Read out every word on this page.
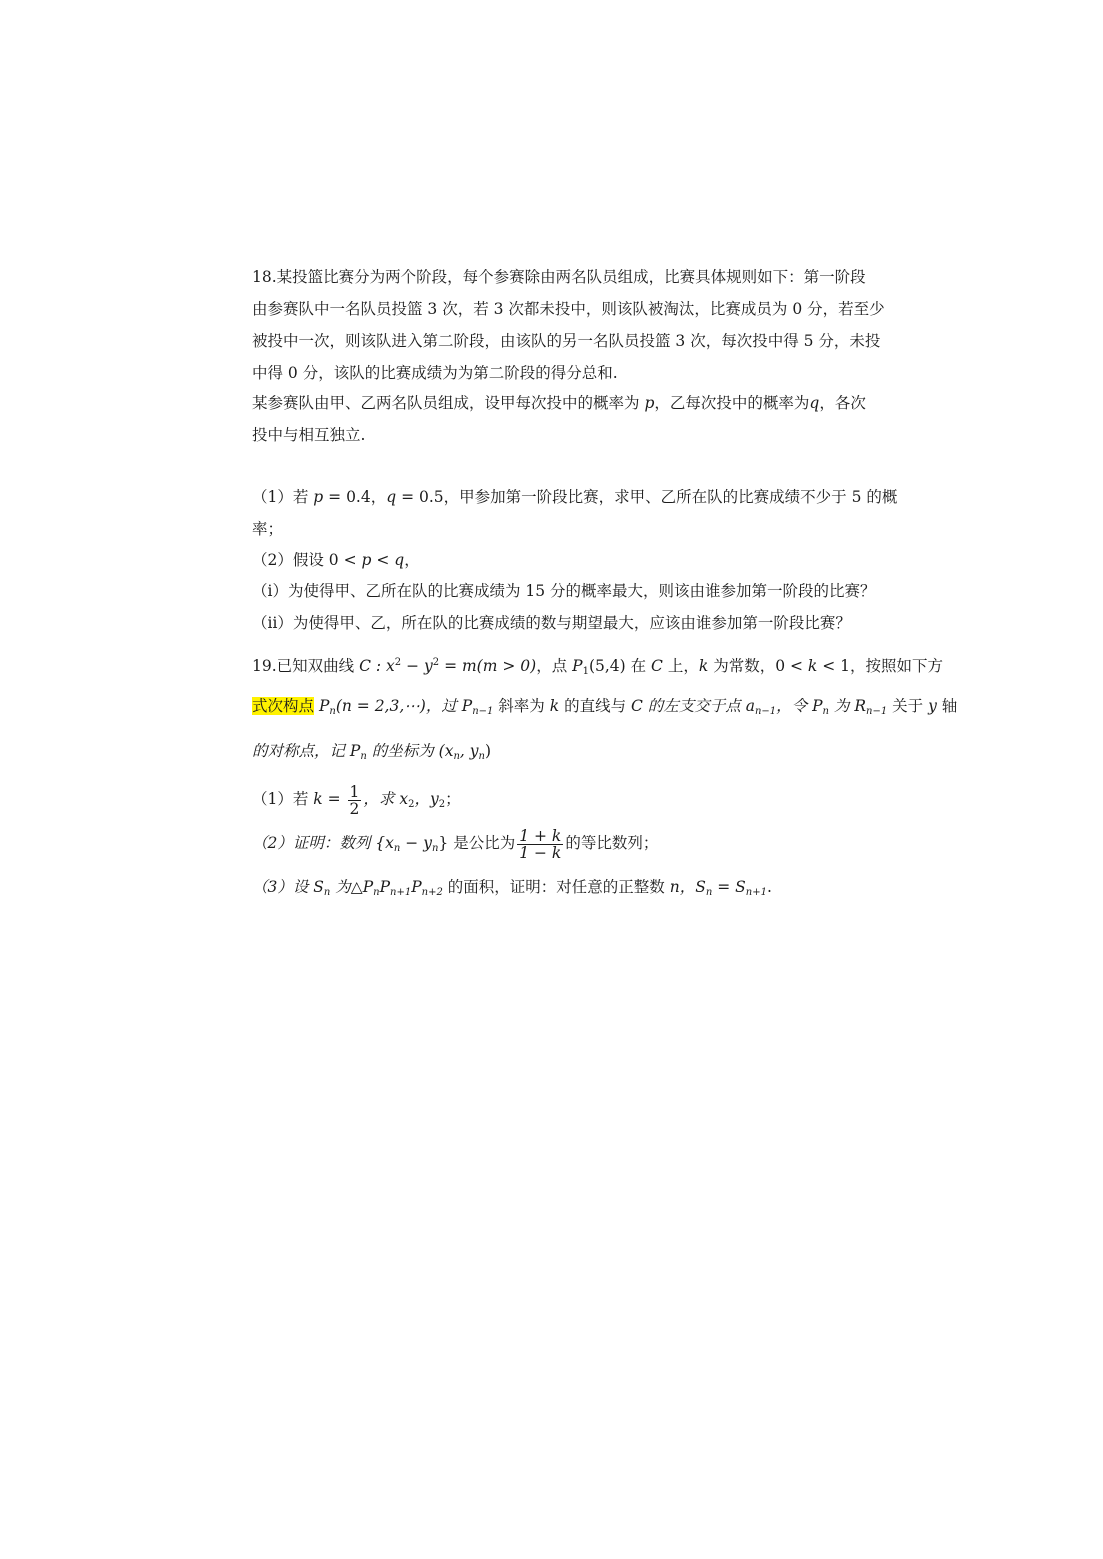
18.某投篮比赛分为两个阶段，每个参赛除由两名队员组成，比赛具体规则如下：第一阶段
由参赛队中一名队员投篮 3 次，若 3 次都未投中，则该队被淘汰，比赛成员为 0 分，若至少
被投中一次，则该队进入第二阶段，由该队的另一名队员投篮 3 次，每次投中得 5 分，未投
中得 0 分，该队的比赛成绩为为第二阶段的得分总和.
某参赛队由甲、乙两名队员组成，设甲每次投中的概率为 p，乙每次投中的概率为q，各次
投中与相互独立.
（1）若 p = 0.4，q = 0.5，甲参加第一阶段比赛，求甲、乙所在队的比赛成绩不少于 5 的概
率；
（2）假设 0 < p < q，
（ⅰ）为使得甲、乙所在队的比赛成绩为 15 分的概率最大，则该由谁参加第一阶段的比赛？
（ⅱ）为使得甲、乙，所在队的比赛成绩的数与期望最大，应该由谁参加第一阶段比赛？
19.已知双曲线 C : $x^2 - y^2 = m(m > 0)$，点 $P_1(5,4)$ 在 C 上，k 为常数，0 < k < 1，按照如下方
式次构点 $P_n(n$ = 2,3,⋯)，过 $P_{n-1}$ 斜率为 k 的直线与 C 的左支交于点 $a_{n-1}$，令 $P_n$ 为 $R_{n-1}$ 关于 y 轴
的对称点，记 $P_n$ 的坐标为 ($x_n$, $y_n$)
（1）若 $k = \frac{1}{2}$ ，求 $x_2$，$y_2$；
（2）证明：数列 $\{x_n - y_n\}$ 是公比为 $\frac{1 + k}{1 - k}$ 的等比数列；
（3）设 $S_n$ 为$\triangle P_nP_{n+1}P_{n+2}$ 的面积，证明：对任意的正整数 n，$S_n = S_{n+1}$.
